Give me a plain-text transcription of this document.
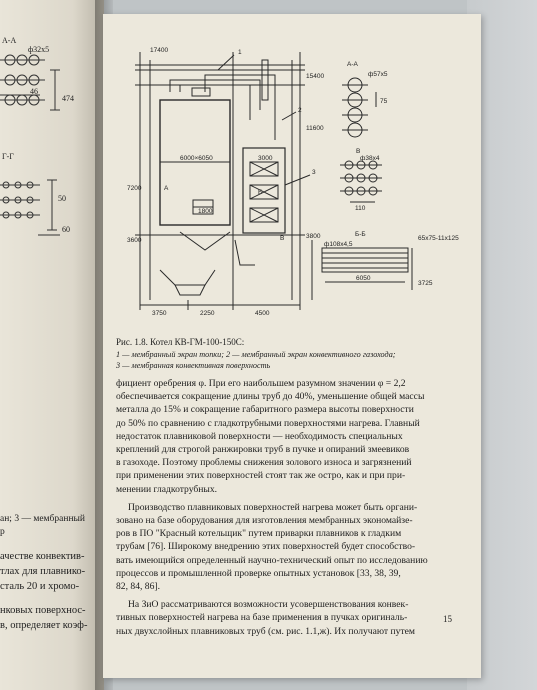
А-А
ф32х5
46
474
Г-Г
50
60
ан; 3 — мембранный
р
ачестве конвектив-
тлах для плавнико-
сталь 20 и хромо-
нковых поверхнос-
в, определяет коэф-
17400
15400
11600
7200
3600
3800
6000×6050	3000
1800
3750	2250	4500
1
2
3
А
Б
В
А-А
ф57х5
75
В
ф38х4
110
Б-Б
ф108х4,5
6050
3725
65х75-11х125
Рис. 1.8. Котел КВ-ГМ-100-150С:
1 — мембранный экран топки; 2 — мембранный экран конвективного газохода;
3 — мембранная конвективная поверхность
фициент оребрения φ. При его наибольшем разумном значении φ = 2,2
обеспечивается сокращение длины труб до 40%, уменьшение общей массы
металла до 15% и сокращение габаритного размера высоты поверхности
до 50% по сравнению с гладкотрубными поверхностями нагрева. Главный
недостаток плавниковой поверхности — необходимость специальных
креплений для строгой ранжировки труб в пучке и опираний змеевиков
в газоходе. Поэтому проблемы снижения золового износа и загрязнений
при применении этих поверхностей стоят так же остро, как и при при-
менении гладкотрубных.
Производство плавниковых поверхностей нагрева может быть органи-
зовано на базе оборудования для изготовления мембранных экономайзе-
ров в ПО "Красный котельщик" путем приварки плавников к гладким
трубам [76]. Широкому внедрению этих поверхностей будет способство-
вать имеющийся определенный научно-технический опыт по исследованию
процессов и промышленной проверке опытных установок [33, 38, 39,
82, 84, 86].
На ЗиО рассматриваются возможности усовершенствования конвек-
тивных поверхностей нагрева на базе применения в пучках оригиналь-
ных двухслойных плавниковых труб (см. рис. 1.1,ж). Их получают путем
15
